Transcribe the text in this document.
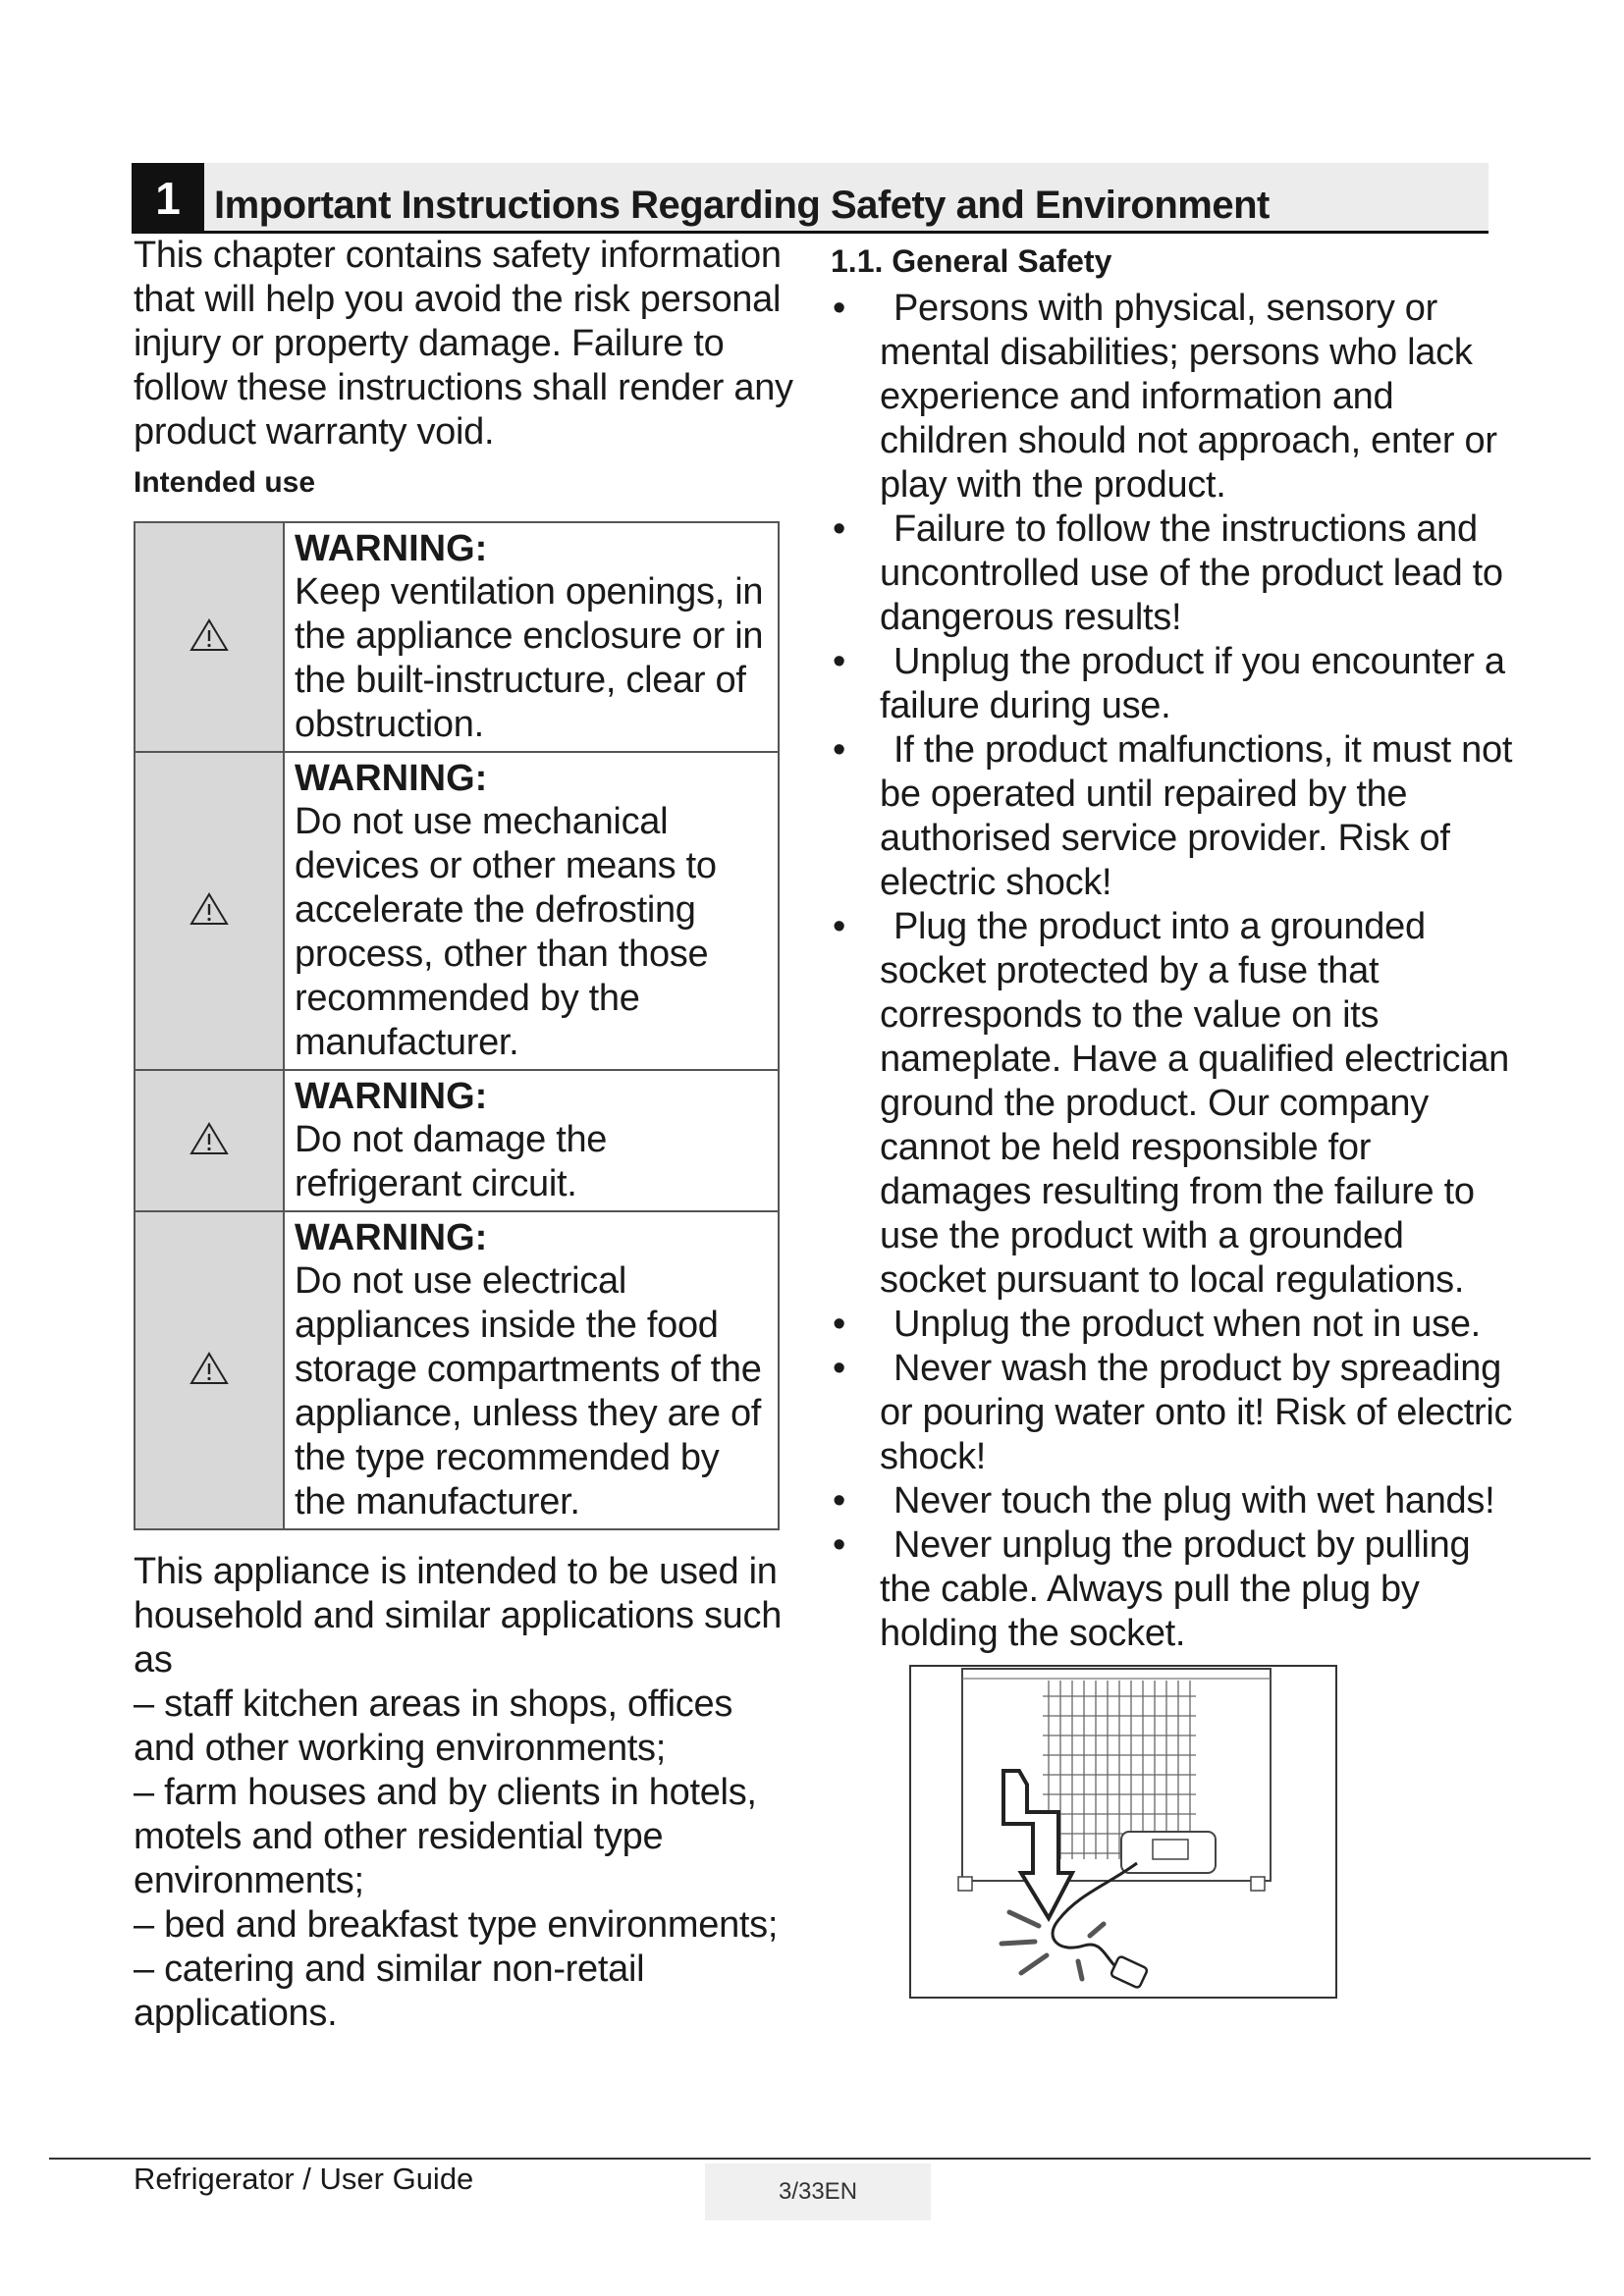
1 Important Instructions Regarding Safety and Environment

This chapter contains safety information that will help you avoid the risk personal injury or property damage. Failure to follow these instructions shall render any product warranty void.

Intended use

WARNING:
Keep ventilation openings, in the appliance enclosure or in the built-instructure, clear of obstruction.

WARNING:
Do not use mechanical devices or other means to accelerate the defrosting process, other than those recommended by the manufacturer.

WARNING:
Do not damage the refrigerant circuit.

WARNING:
Do not use electrical appliances inside the food storage compartments of the appliance, unless they are of the type recommended by the manufacturer.

This appliance is intended to be used in household and similar applications such as

– staff kitchen areas in shops, offices and other working environments;

– farm houses and by clients in hotels, motels and other residential type environments;

– bed and breakfast type environments;

– catering and similar non-retail applications.

1.1. General Safety
• Persons with physical, sensory or mental disabilities; persons who lack experience and information and children should not approach, enter or play with the product.
• Failure to follow the instructions and uncontrolled use of the product lead to dangerous results!
• Unplug the product if you encounter a failure during use.
• If the product malfunctions, it must not be operated until repaired by the authorised service provider. Risk of electric shock!
• Plug the product into a grounded socket protected by a fuse that corresponds to the value on its nameplate. Have a qualified electrician ground the product. Our company cannot be held responsible for damages resulting from the failure to use the product with a grounded socket pursuant to local regulations.
• Unplug the product when not in use.
• Never wash the product by spreading or pouring water onto it! Risk of electric shock!
• Never touch the plug with wet hands!
• Never unplug the product by pulling the cable. Always pull the plug by holding the socket.
Refrigerator / User Guide	3/33EN
